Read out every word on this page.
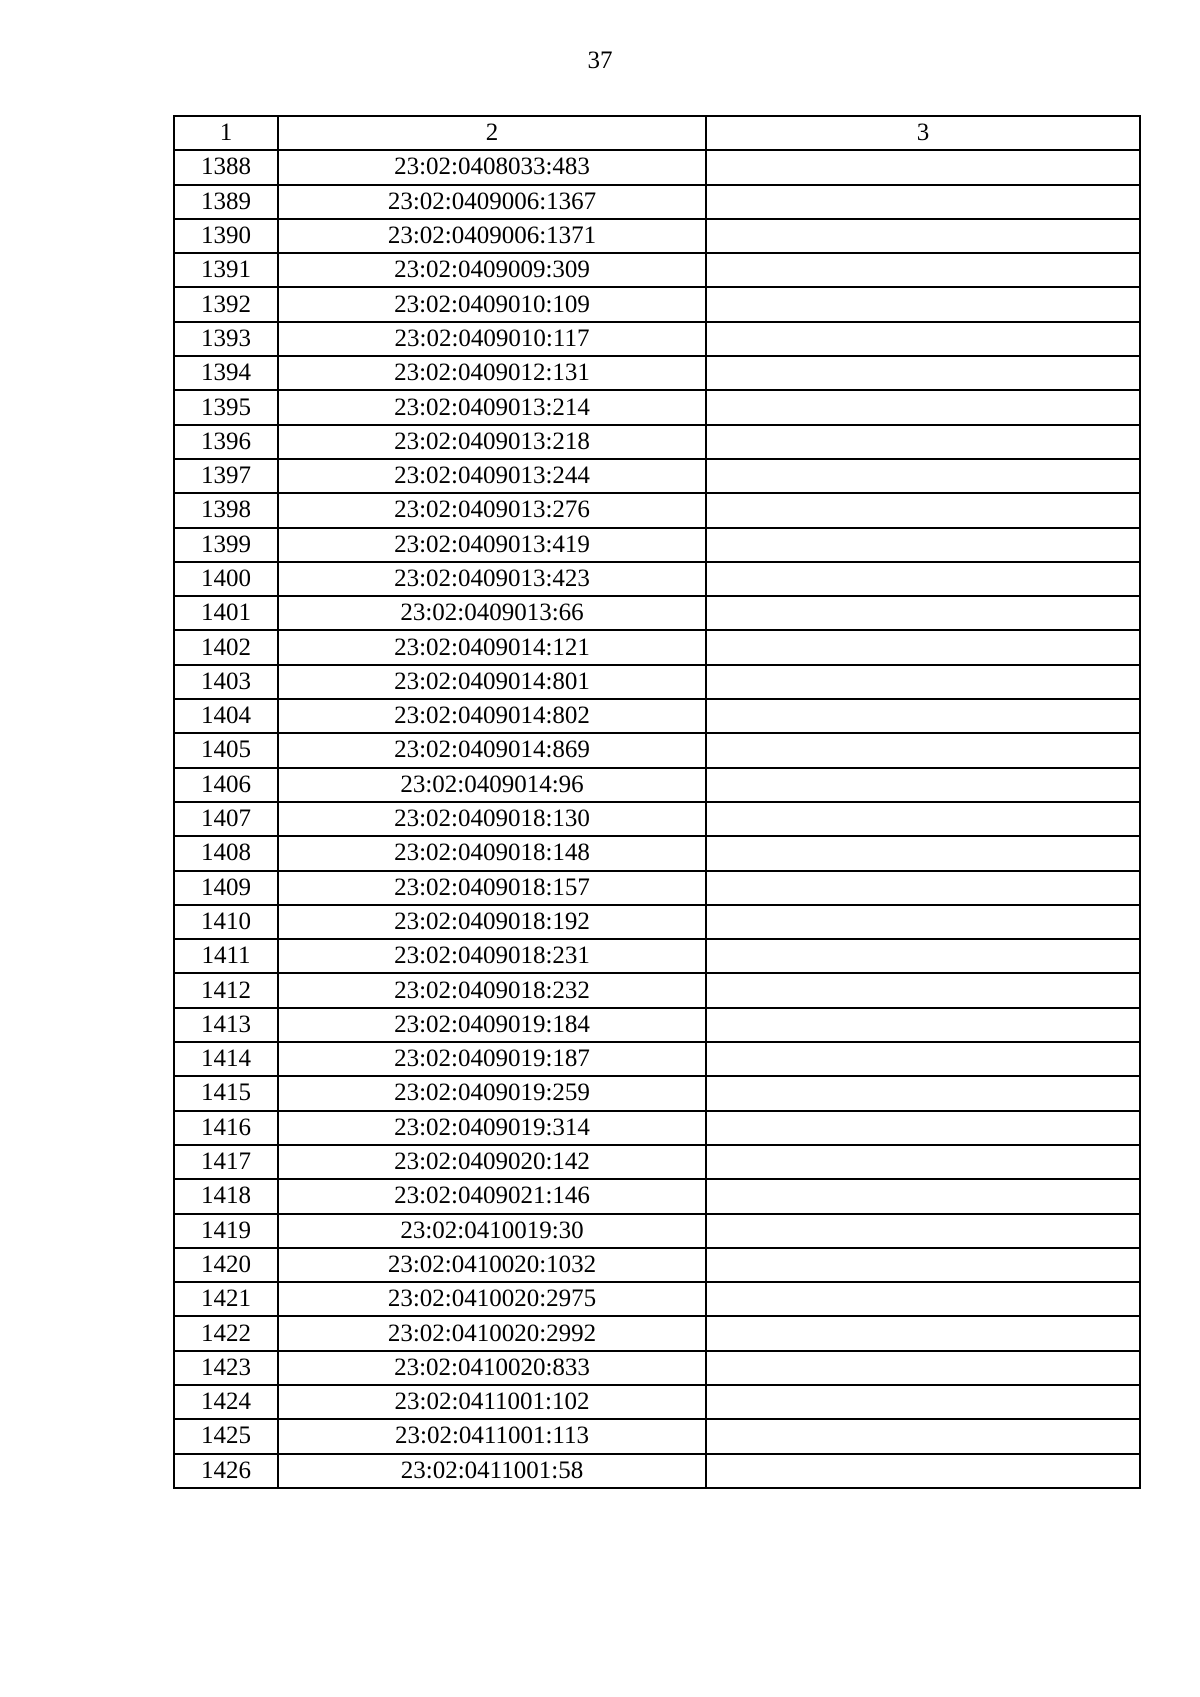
37
1	2	3
1388	23:02:0408033:483	
1389	23:02:0409006:1367	
1390	23:02:0409006:1371	
1391	23:02:0409009:309	
1392	23:02:0409010:109	
1393	23:02:0409010:117	
1394	23:02:0409012:131	
1395	23:02:0409013:214	
1396	23:02:0409013:218	
1397	23:02:0409013:244	
1398	23:02:0409013:276	
1399	23:02:0409013:419	
1400	23:02:0409013:423	
1401	23:02:0409013:66	
1402	23:02:0409014:121	
1403	23:02:0409014:801	
1404	23:02:0409014:802	
1405	23:02:0409014:869	
1406	23:02:0409014:96	
1407	23:02:0409018:130	
1408	23:02:0409018:148	
1409	23:02:0409018:157	
1410	23:02:0409018:192	
1411	23:02:0409018:231	
1412	23:02:0409018:232	
1413	23:02:0409019:184	
1414	23:02:0409019:187	
1415	23:02:0409019:259	
1416	23:02:0409019:314	
1417	23:02:0409020:142	
1418	23:02:0409021:146	
1419	23:02:0410019:30	
1420	23:02:0410020:1032	
1421	23:02:0410020:2975	
1422	23:02:0410020:2992	
1423	23:02:0410020:833	
1424	23:02:0411001:102	
1425	23:02:0411001:113	
1426	23:02:0411001:58	
